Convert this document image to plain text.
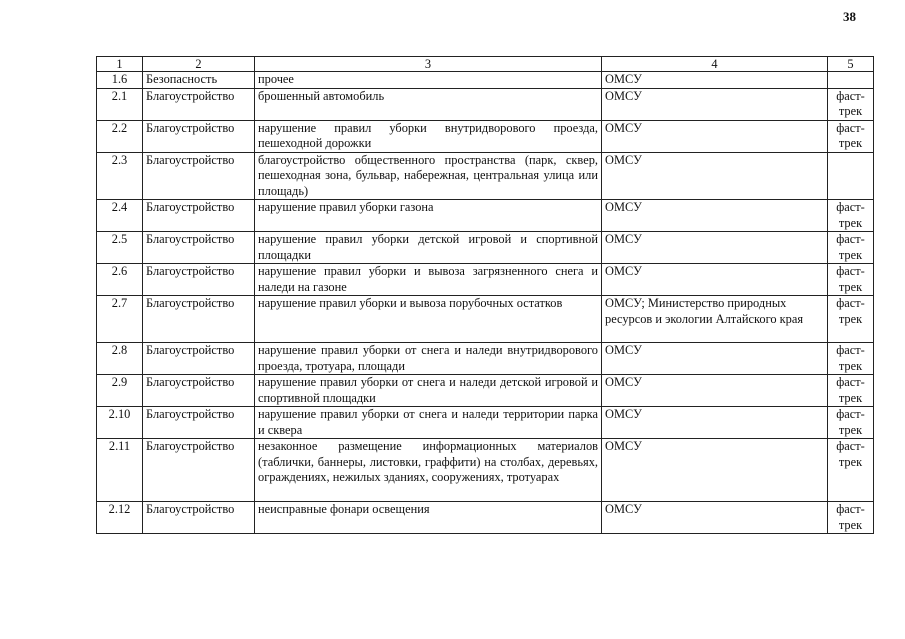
38
1	2	3	4	5
1.6	Безопасность	прочее	ОМСУ	
2.1	Благоустройство	брошенный автомобиль	ОМСУ	фаст-трек
2.2	Благоустройство	нарушение правил уборки внутридворового проезда, пешеходной дорожки	ОМСУ	фаст-трек
2.3	Благоустройство	благоустройство общественного пространства (парк, сквер, пешеходная зона, бульвар, набережная, центральная улица или площадь)	ОМСУ	
2.4	Благоустройство	нарушение правил уборки газона	ОМСУ	фаст-трек
2.5	Благоустройство	нарушение правил уборки детской игровой и спортивной площадки	ОМСУ	фаст-трек
2.6	Благоустройство	нарушение правил уборки и вывоза загрязненного снега и наледи на газоне	ОМСУ	фаст-трек
2.7	Благоустройство	нарушение правил уборки и вывоза порубочных остатков	ОМСУ; Министерство природных ресурсов и экологии Алтайского края	фаст-трек
2.8	Благоустройство	нарушение правил уборки от снега и наледи внутридворового проезда, тротуара, площади	ОМСУ	фаст-трек
2.9	Благоустройство	нарушение правил уборки от снега и наледи детской игровой и спортивной площадки	ОМСУ	фаст-трек
2.10	Благоустройство	нарушение правил уборки от снега и наледи территории парка и сквера	ОМСУ	фаст-трек
2.11	Благоустройство	незаконное размещение информационных материалов (таблички, баннеры, листовки, граффити) на столбах, деревьях, ограждениях, нежилых зданиях, сооружениях, тротуарах	ОМСУ	фаст-трек
2.12	Благоустройство	неисправные фонари освещения	ОМСУ	фаст-трек
